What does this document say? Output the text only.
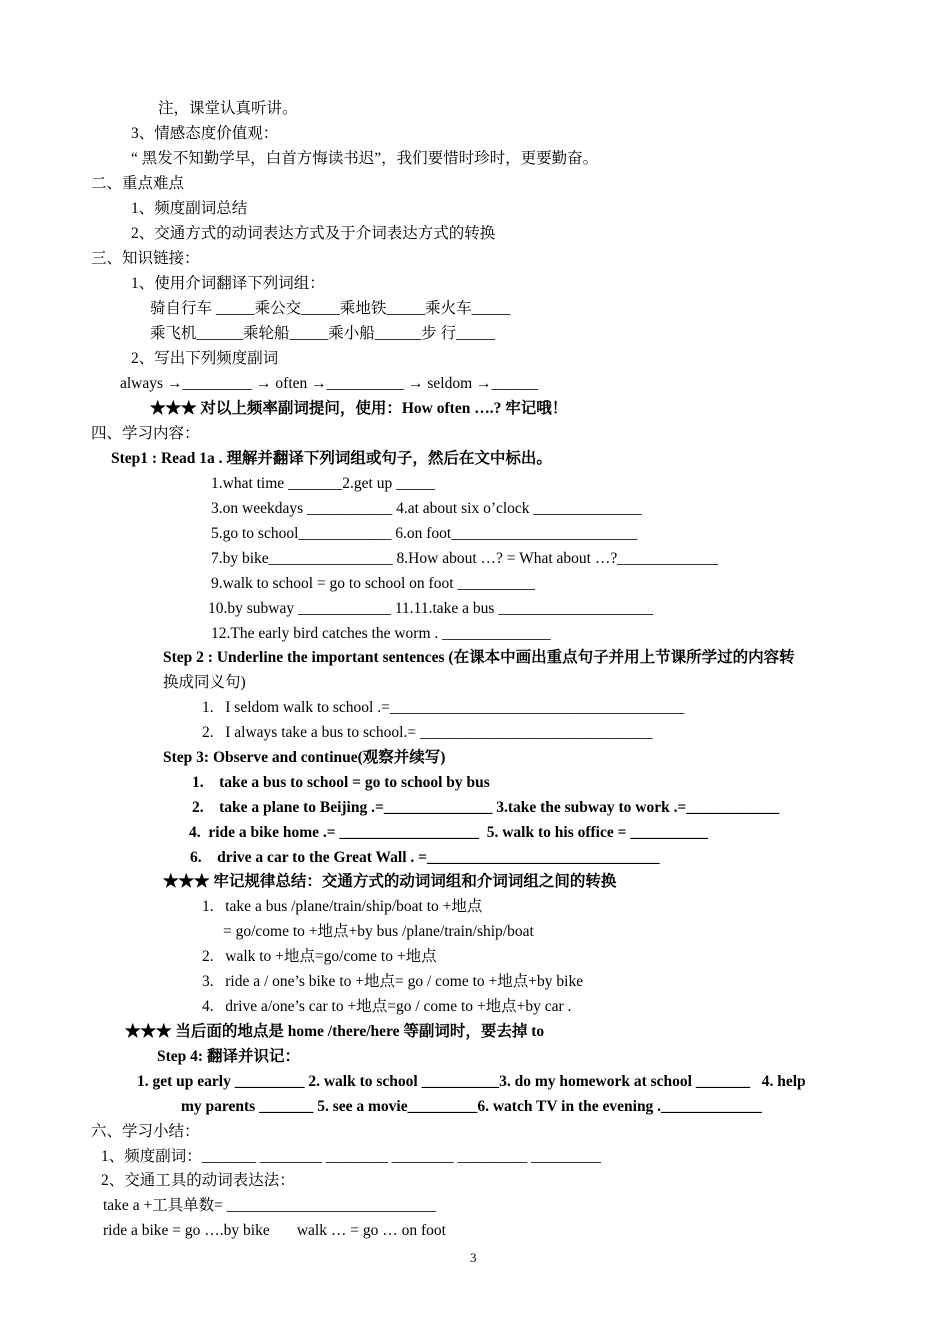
注，课堂认真听讲。
3、情感态度价值观：
“ 黑发不知勤学早，白首方悔读书迟”，我们要惜时珍时，更要勤奋。
二、重点难点
1、频度副词总结
2、交通方式的动词表达方式及于介词表达方式的转换
三、知识链接：
1、使用介词翻译下列词组：
骑自行车 _____乘公交_____乘地铁_____乘火车_____
乘飞机______乘轮船_____乘小船______步 行_____
2、写出下列频度副词
always →_________ → often →__________ → seldom →______
★★★ 对以上频率副词提问，使用：How often ….? 牢记哦！
四、学习内容：
Step1 : Read 1a . 理解并翻译下列词组或句子，然后在文中标出。
1.what time _______2.get up _____
3.on weekdays ___________ 4.at about six o’clock ______________
5.go to school____________ 6.on foot________________________
7.by bike________________ 8.How about …? = What about …?_____________
9.walk to school = go to school on foot __________
10.by subway ____________ 11.11.take a bus ____________________
12.The early bird catches the worm . ______________
Step 2 : Underline the important sentences (在课本中画出重点句子并用上节课所学过的内容转
换成同义句)
1.   I seldom walk to school .=______________________________________
2.   I always take a bus to school.= ______________________________
Step 3: Observe and continue(观察并续写)
1.    take a bus to school = go to school by bus
2.    take a plane to Beijing .=______________ 3.take the subway to work .=____________
4.  ride a bike home .= __________________  5. walk to his office = __________
6.    drive a car to the Great Wall . =______________________________
★★★ 牢记规律总结：交通方式的动词词组和介词词组之间的转换
1.   take a bus /plane/train/ship/boat to +地点
= go/come to +地点+by bus /plane/train/ship/boat
2.   walk to +地点=go/come to +地点
3.   ride a / one’s bike to +地点= go / come to +地点+by bike
4.   drive a/one’s car to +地点=go / come to +地点+by car .
★★★ 当后面的地点是 home /there/here 等副词时，要去掉 to
Step 4: 翻译并识记：
1. get up early _________ 2. walk to school __________3. do my homework at school _______   4. help
my parents _______ 5. see a movie_________6. watch TV in the evening ._____________
六、学习小结：
1、频度副词：_______ ________ ________ ________ _________ _________
2、交通工具的动词表达法：
take a +工具单数= ___________________________
ride a bike = go ….by bike       walk … = go … on foot
3
